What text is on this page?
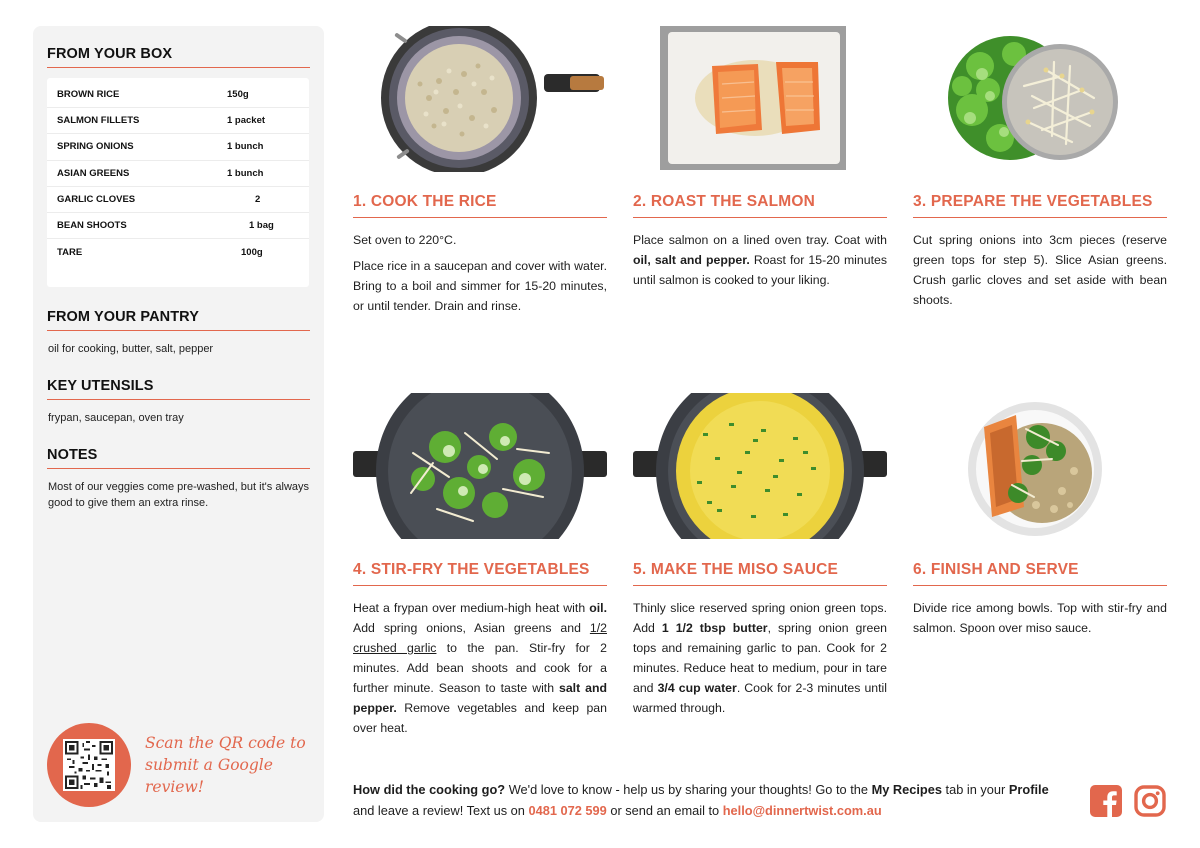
FROM YOUR BOX
BROWN RICE	150g
SALMON FILLETS	1 packet
SPRING ONIONS	1 bunch
ASIAN GREENS	1 bunch
GARLIC CLOVES	2
BEAN SHOOTS	1 bag
TARE	100g
FROM YOUR PANTRY
oil for cooking, butter, salt, pepper
KEY UTENSILS
frypan, saucepan, oven tray
NOTES
Most of our veggies come pre-washed, but it's always good to give them an extra rinse.
Scan the QR code to
submit a Google review!
1. COOK THE RICE

Set oven to 220°C.

Place rice in a saucepan and cover with water. Bring to a boil and simmer for 15-20 minutes, or until tender. Drain and rinse.

2. ROAST THE SALMON

Place salmon on a lined oven tray. Coat with oil, salt and pepper. Roast for 15-20 minutes until salmon is cooked to your liking.

3. PREPARE THE VEGETABLES

Cut spring onions into 3cm pieces (reserve green tops for step 5). Slice Asian greens. Crush garlic cloves and set aside with bean shoots.

4. STIR-FRY THE VEGETABLES

Heat a frypan over medium-high heat with oil. Add spring onions, Asian greens and 1/2 crushed garlic to the pan. Stir-fry for 2 minutes. Add bean shoots and cook for a further minute. Season to taste with salt and pepper. Remove vegetables and keep pan over heat.

5. MAKE THE MISO SAUCE

Thinly slice reserved spring onion green tops. Add 1 1/2 tbsp butter, spring onion green tops and remaining garlic to pan. Cook for 2 minutes. Reduce heat to medium, pour in tare and 3/4 cup water. Cook for 2-3 minutes until warmed through.

6. FINISH AND SERVE

Divide rice among bowls. Top with stir-fry and salmon. Spoon over miso sauce.

How did the cooking go? We'd love to know - help us by sharing your thoughts! Go to the My Recipes tab in your Profile and leave a review! Text us on 0481 072 599 or send an email to hello@dinnertwist.com.au
